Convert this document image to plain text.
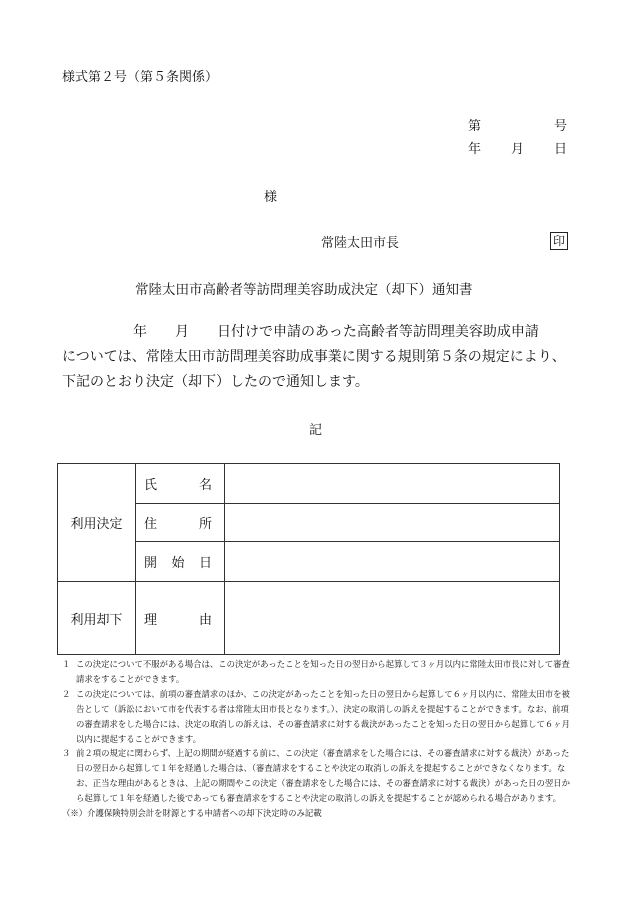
様式第２号（第５条関係）
第	号
年 月 日
様
常陸太田市長	印
常陸太田市高齢者等訪問理美容助成決定（却下）通知書
年　　月　　日付けで申請のあった高齢者等訪問理美容助成申請
については、常陸太田市訪問理美容助成事業に関する規則第５条の規定により、
下記のとおり決定（却下）したので通知します。
記
利用決定	氏 名	

	住 所	

	開 始 日	

利用却下	理 由	

１ この決定について不服がある場合は、この決定があったことを知った日の翌日から起算して３ヶ月以内に常陸太田市長に対して審査請求をすることができます。
２ この決定については、前項の審査請求のほか、この決定があったことを知った日の翌日から起算して６ヶ月以内に、常陸太田市を被告として（訴訟において市を代表する者は常陸太田市長となります。）、決定の取消しの訴えを提起することができます。なお、前項の審査請求をした場合には、決定の取消しの訴えは、その審査請求に対する裁決があったことを知った日の翌日から起算して６ヶ月以内に提起することができます。
３ 前２項の規定に関わらず、上記の期間が経過する前に、この決定（審査請求をした場合には、その審査請求に対する裁決）があった日の翌日から起算して１年を経過した場合は、（審査請求をすることや決定の取消しの訴えを提起することができなくなります。なお、正当な理由があるときは、上記の期間やこの決定（審査請求をした場合には、その審査請求に対する裁決）があった日の翌日から起算して１年を経過した後であっても審査請求をすることや決定の取消しの訴えを提起することが認められる場合があります。
（※）介護保険特別会計を財源とする申請者への却下決定時のみ記載
